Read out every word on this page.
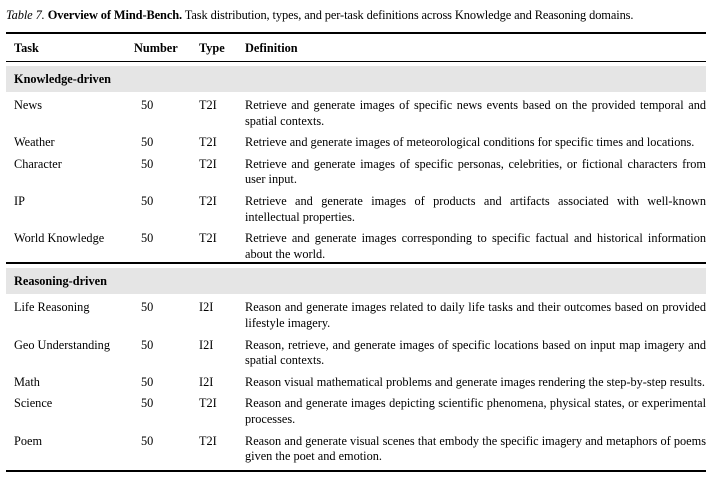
Table 7. Overview of Mind-Bench. Task distribution, types, and per-task definitions across Knowledge and Reasoning domains.
Task	Number	Type	Definition

Knowledge-driven			

News	50	T2I	Retrieve and generate images of specific news events based on the provided temporal and spatial contexts.
Weather	50	T2I	Retrieve and generate images of meteorological conditions for specific times and locations.
Character	50	T2I	Retrieve and generate images of specific personas, celebrities, or fictional characters from user input.
IP	50	T2I	Retrieve and generate images of products and artifacts associated with well-known intellectual properties.
World Knowledge	50	T2I	Retrieve and generate images corresponding to specific factual and historical information about the world.

Reasoning-driven			

Life Reasoning	50	I2I	Reason and generate images related to daily life tasks and their outcomes based on provided lifestyle imagery.
Geo Understanding	50	I2I	Reason, retrieve, and generate images of specific locations based on input map imagery and spatial contexts.
Math	50	I2I	Reason visual mathematical problems and generate images rendering the step-by-step results.
Science	50	T2I	Reason and generate images depicting scientific phenomena, physical states, or experimental processes.
Poem	50	T2I	Reason and generate visual scenes that embody the specific imagery and metaphors of poems given the poet and emotion.
